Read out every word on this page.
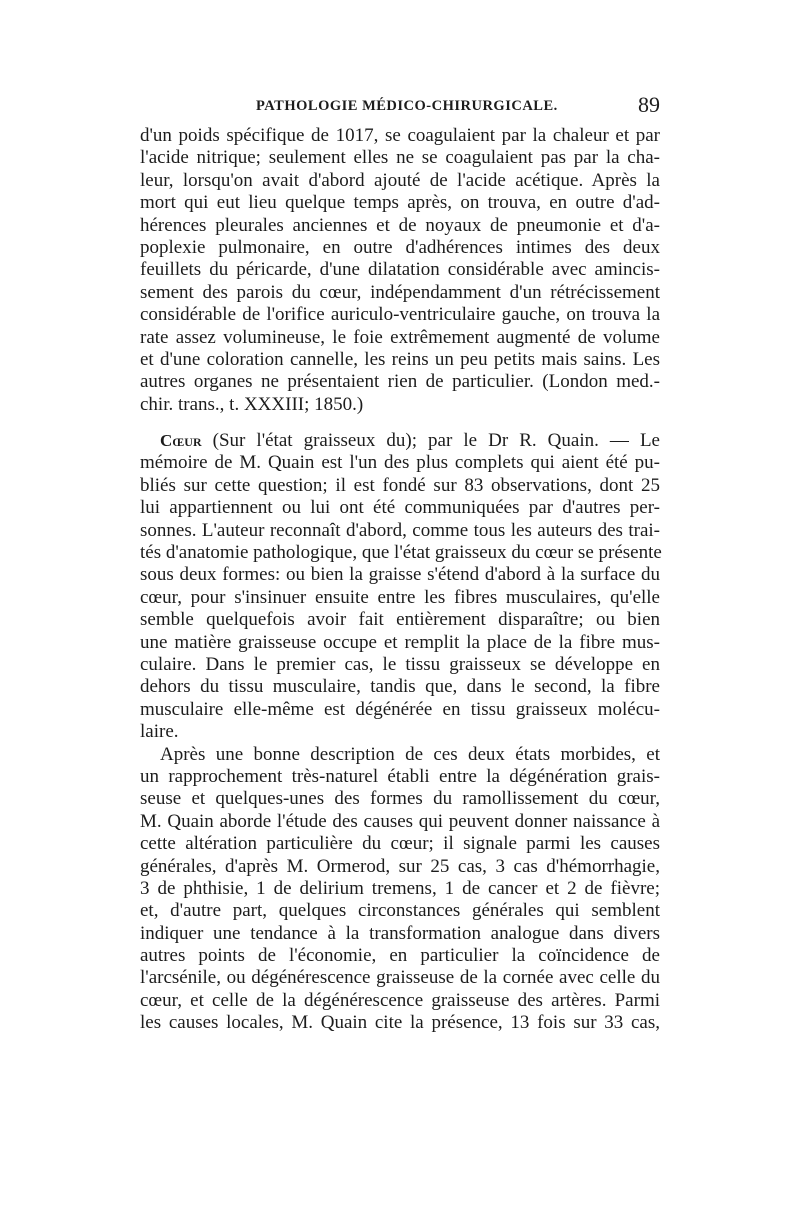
PATHOLOGIE MÉDICO-CHIRURGICALE.	89
d'un poids spécifique de 1017, se coagulaient par la chaleur et par
l'acide nitrique; seulement elles ne se coagulaient pas par la cha-
leur, lorsqu'on avait d'abord ajouté de l'acide acétique. Après la
mort qui eut lieu quelque temps après, on trouva, en outre d'ad-
hérences pleurales anciennes et de noyaux de pneumonie et d'a-
poplexie pulmonaire, en outre d'adhérences intimes des deux
feuillets du péricarde, d'une dilatation considérable avec amincis-
sement des parois du cœur, indépendamment d'un rétrécissement
considérable de l'orifice auriculo-ventriculaire gauche, on trouva la
rate assez volumineuse, le foie extrêmement augmenté de volume
et d'une coloration cannelle, les reins un peu petits mais sains. Les
autres organes ne présentaient rien de particulier. (London med.-
chir. trans., t. XXXIII; 1850.)
Cœur (Sur l'état graisseux du); par le Dr R. Quain. — Le
mémoire de M. Quain est l'un des plus complets qui aient été pu-
bliés sur cette question; il est fondé sur 83 observations, dont 25
lui appartiennent ou lui ont été communiquées par d'autres per-
sonnes. L'auteur reconnaît d'abord, comme tous les auteurs des trai-
tés d'anatomie pathologique, que l'état graisseux du cœur se présente
sous deux formes: ou bien la graisse s'étend d'abord à la surface du
cœur, pour s'insinuer ensuite entre les fibres musculaires, qu'elle
semble quelquefois avoir fait entièrement disparaître; ou bien
une matière graisseuse occupe et remplit la place de la fibre mus-
culaire. Dans le premier cas, le tissu graisseux se développe en
dehors du tissu musculaire, tandis que, dans le second, la fibre
musculaire elle-même est dégénérée en tissu graisseux molécu-
laire.
Après une bonne description de ces deux états morbides, et
un rapprochement très-naturel établi entre la dégénération grais-
seuse et quelques-unes des formes du ramollissement du cœur,
M. Quain aborde l'étude des causes qui peuvent donner naissance à
cette altération particulière du cœur; il signale parmi les causes
générales, d'après M. Ormerod, sur 25 cas, 3 cas d'hémorrhagie,
3 de phthisie, 1 de delirium tremens, 1 de cancer et 2 de fièvre;
et, d'autre part, quelques circonstances générales qui semblent
indiquer une tendance à la transformation analogue dans divers
autres points de l'économie, en particulier la coïncidence de
l'arcsénile, ou dégénérescence graisseuse de la cornée avec celle du
cœur, et celle de la dégénérescence graisseuse des artères. Parmi
les causes locales, M. Quain cite la présence, 13 fois sur 33 cas,
